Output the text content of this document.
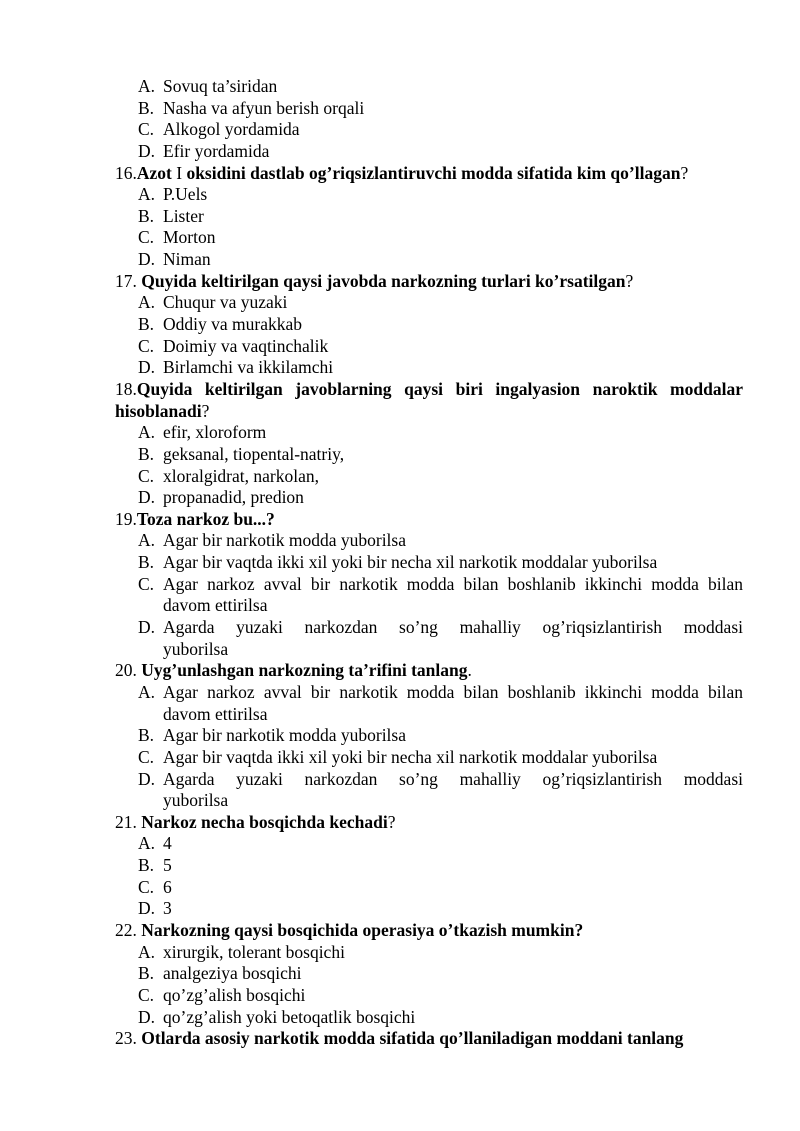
A. Sovuq ta’siridan
B. Nasha va afyun berish orqali
C. Alkogol yordamida
D. Efir yordamida
16.Azot I oksidini dastlab og’riqsizlantiruvchi modda sifatida kim qo’llagan?
A. P.Uels
B. Lister
C. Morton
D. Niman
17. Quyida keltirilgan qaysi javobda narkozning turlari ko’rsatilgan?
A. Chuqur va yuzaki
B. Oddiy va murakkab
C. Doimiy va vaqtinchalik
D. Birlamchi va ikkilamchi
18.Quyida keltirilgan javoblarning qaysi biri ingalyasion naroktik moddalar
hisoblanadi?
A. efir, xloroform
B. geksanal, tiopental-natriy,
C. xloralgidrat, narkolan,
D. propanadid, predion
19.Toza narkoz bu...?
A. Agar bir narkotik modda yuborilsa
B. Agar bir vaqtda ikki xil yoki bir necha xil narkotik moddalar yuborilsa
C. Agar narkoz avval bir narkotik modda bilan boshlanib ikkinchi modda bilan
davom ettirilsa
D. Agarda yuzaki narkozdan so’ng mahalliy og’riqsizlantirish moddasi
yuborilsa
20. Uyg’unlashgan narkozning ta’rifini tanlang.
A. Agar narkoz avval bir narkotik modda bilan boshlanib ikkinchi modda bilan
davom ettirilsa
B. Agar bir narkotik modda yuborilsa
C. Agar bir vaqtda ikki xil yoki bir necha xil narkotik moddalar yuborilsa
D. Agarda yuzaki narkozdan so’ng mahalliy og’riqsizlantirish moddasi
yuborilsa
21. Narkoz necha bosqichda kechadi?
A. 4
B. 5
C. 6
D. 3
22. Narkozning qaysi bosqichida operasiya o’tkazish mumkin?
A. xirurgik, tolerant bosqichi
B. analgeziya bosqichi
C. qo’zg’alish bosqichi
D. qo’zg’alish yoki betoqatlik bosqichi
23. Otlarda asosiy narkotik modda sifatida qo’llaniladigan moddani tanlang
